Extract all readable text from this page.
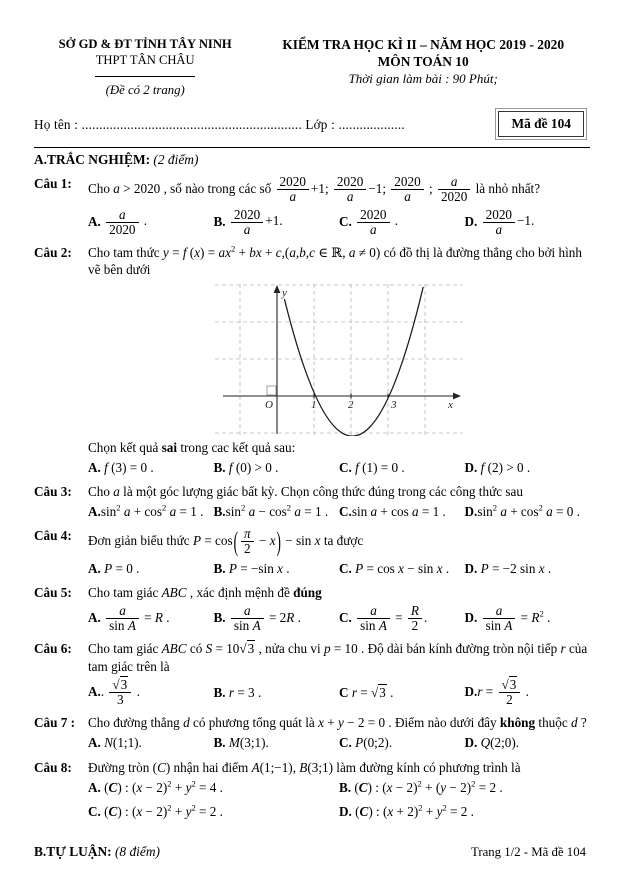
SỞ GD & ĐT TỈNH TÂY NINH
THPT TÂN CHÂU
(Đề có 2 trang)
KIỂM TRA HỌC KÌ II – NĂM HỌC 2019 - 2020
MÔN TOÁN 10
Thời gian làm bài : 90 Phút;
Họ tên : ............................................................... Lớp : ...................	Mã đề 104
A.TRẮC NGHIỆM: (2 điểm)
Câu 1:	Cho a > 2020 , số nào trong các số $\frac{2020}{a} +1$; $\frac{2020}{a} -1$; $\frac{2020}{a}$ ; $\frac{a}{2020}$ là nhỏ nhất?
A. $\frac{a}{2020}$ .	B. $\frac{2020}{a} +1$.	C. $\frac{2020}{a}$ .	D. $\frac{2020}{a} -1$.
Câu 2:	Cho tam thức y = f $(x) = ax^2$ + bx + c,(a,b,c ∈ ℝ, a ≠ 0) có đồ thị là đường thẳng cho bởi hình vẽ bên dưới
y
x
O	1	2	3
Chọn kết quả sai trong cac kết quả sau:
A. f (3) = 0 .	B. f (0) > 0 .	C. f (1) = 0 .	D. f (2) > 0 .
Câu 3:	Cho a là một góc lượng giác bất kỳ. Chọn công thức đúng trong các công thức sau
$A.\sin^2$ $a + \cos^2 a = 1$ . $B.\sin^2$ $a - \cos^2 a = 1$ . C.sin a + cos a = 1 .	$D.\sin^2$ $a + \cos^2 a = 0$ .
Câu 4:	Đơn giản biểu thức $P = \cos( \frac{\pi}{2} - x) - \sin x$ ta được
A. P = 0 .	B. P = −sin x .	C. P = cos x − sin x .	D. P = −2 sin x .
Câu 5:	Cho tam giác ABC , xác định mệnh đề đúng
A. $\frac{a}{\text{sin A}} = R$ .	B. $\frac{a}{\text{sin A}} = 2R$ .	C. $\frac{a}{\text{sin A}} = \frac{R}{2}$ .	D. $\frac{a}{\text{sin A}} = R^2$ .
Câu 6:	Cho tam giác ABC có S = 10√3 , nửa chu vi p = 10 . Độ dài bán kính đường tròn nội tiếp r của tam giác trên là
A.. $\frac{√3}{3}$ .	B. r = 3 .	C r = √3 .	$D.r = \frac{√3}{2}$ .
Câu 7 : Cho đường thẳng d có phương tổng quát là x + y − 2 = 0 . Điểm nào dưới đây không thuộc d ?
A. N(1;1).	B. M(3;1).	C. P(0;2).	D. Q(2;0).
Câu 8:	Đường tròn (C) nhận hai điểm A(1;−1), B(3;1) làm đường kính có phương trình là
A. (C) : $(x - 2)^2 + y^2 = 4$ .	B. (C) : $(x - 2)^2 + (y - 2)^2 = 2$ .
C. (C) : $(x - 2)^2 + y^2 = 2$ .	D. (C) : $(x + 2)^2 + y^2 = 2$ .
B.TỰ LUẬN: (8 điểm)	Trang 1/2 - Mã đề 104
